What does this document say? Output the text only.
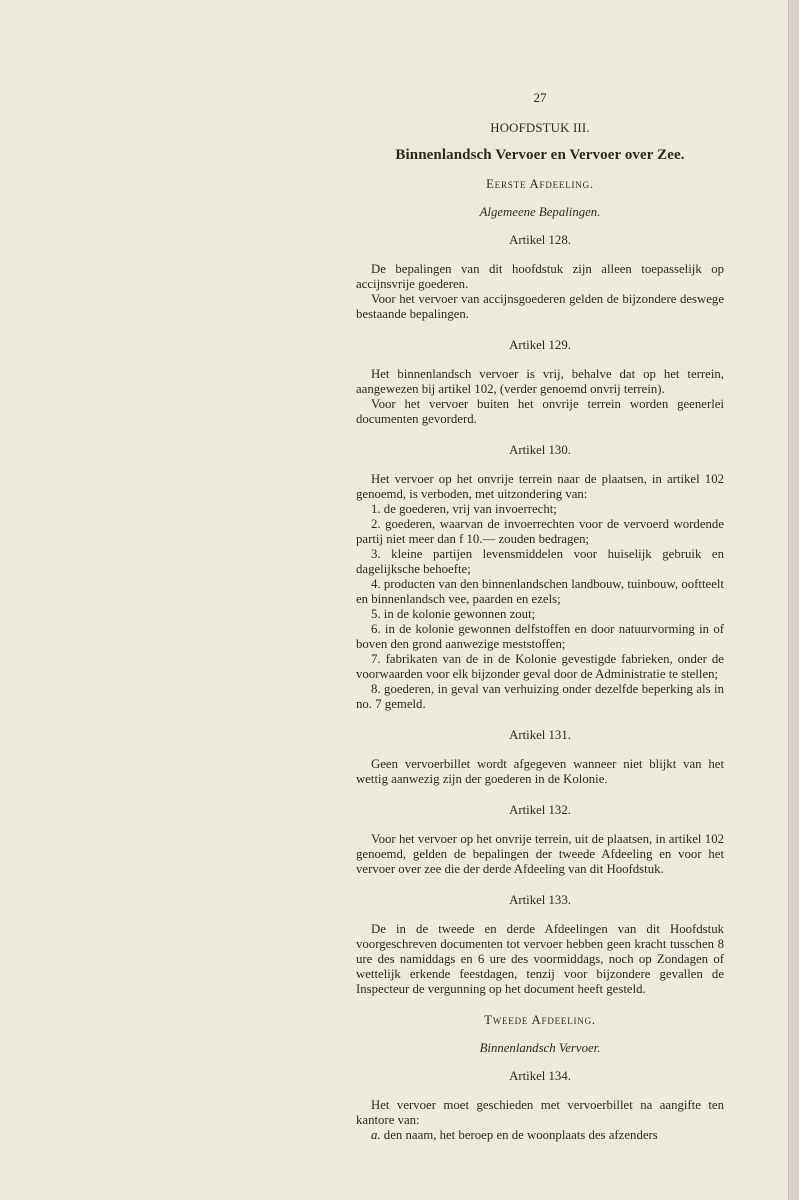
27
HOOFDSTUK III.
Binnenlandsch Vervoer en Vervoer over Zee.
Eerste Afdeeling.
Algemeene Bepalingen.
Artikel 128.

De bepalingen van dit hoofdstuk zijn alleen toepasselijk op accijnsvrije goederen.

Voor het vervoer van accijnsgoederen gelden de bijzondere deswege bestaande bepalingen.

Artikel 129.

Het binnenlandsch vervoer is vrij, behalve dat op het terrein, aangewezen bij artikel 102, (verder genoemd onvrij terrein).

Voor het vervoer buiten het onvrije terrein worden geenerlei documenten gevorderd.

Artikel 130.

Het vervoer op het onvrije terrein naar de plaatsen, in artikel 102 genoemd, is verboden, met uitzondering van:

1. de goederen, vrij van invoerrecht;
2. goederen, waarvan de invoerrechten voor de vervoerd wordende partij niet meer dan f 10.— zouden bedragen;
3. kleine partijen levensmiddelen voor huiselijk gebruik en dagelijksche behoefte;
4. producten van den binnenlandschen landbouw, tuinbouw, ooftteelt en binnenlandsch vee, paarden en ezels;
5. in de kolonie gewonnen zout;
6. in de kolonie gewonnen delfstoffen en door natuurvorming in of boven den grond aanwezige meststoffen;
7. fabrikaten van de in de Kolonie gevestigde fabrieken, onder de voorwaarden voor elk bijzonder geval door de Administratie te stellen;
8. goederen, in geval van verhuizing onder dezelfde beperking als in no. 7 gemeld.
Artikel 131.

Geen vervoerbillet wordt afgegeven wanneer niet blijkt van het wettig aanwezig zijn der goederen in de Kolonie.

Artikel 132.

Voor het vervoer op het onvrije terrein, uit de plaatsen, in artikel 102 genoemd, gelden de bepalingen der tweede Afdeeling en voor het vervoer over zee die der derde Afdeeling van dit Hoofdstuk.

Artikel 133.

De in de tweede en derde Afdeelingen van dit Hoofdstuk voorgeschreven documenten tot vervoer hebben geen kracht tusschen 8 ure des namiddags en 6 ure des voormiddags, noch op Zondagen of wettelijk erkende feestdagen, tenzij voor bijzondere gevallen de Inspecteur de vergunning op het document heeft gesteld.

Tweede Afdeeling.
Binnenlandsch Vervoer.
Artikel 134.

Het vervoer moet geschieden met vervoerbillet na aangifte ten kantore van:

a. den naam, het beroep en de woonplaats des afzenders
